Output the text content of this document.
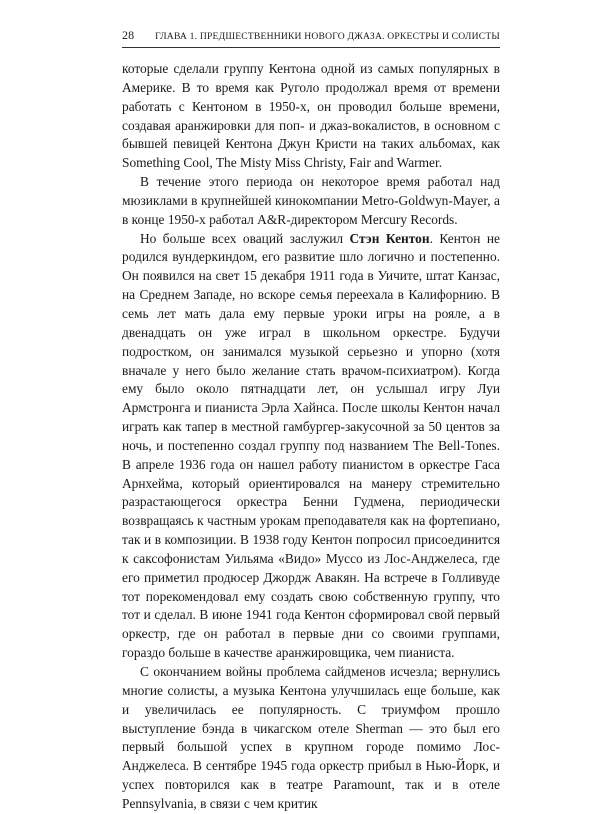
28 ГЛАВА 1. ПРЕДШЕСТВЕННИКИ НОВОГО ДЖАЗА. ОРКЕСТРЫ И СОЛИСТЫ

которые сделали группу Кентона одной из самых популярных в Америке. В то время как Руголо продолжал время от времени работать с Кентоном в 1950-х, он проводил больше времени, создавая аранжировки для поп- и джаз-вокалистов, в основном с бывшей певицей Кентона Джун Кристи на таких альбомах, как Something Cool, The Misty Miss Christy, Fair and Warmer.

В течение этого периода он некоторое время работал над мюзиклами в крупнейшей кинокомпании Metro-Goldwyn-Mayer, а в конце 1950-х работал A&R-директором Mercury Records.

Но больше всех оваций заслужил Стэн Кентон. Кентон не родился вундеркиндом, его развитие шло логично и постепенно. Он появился на свет 15 декабря 1911 года в Уичите, штат Канзас, на Среднем Западе, но вскоре семья переехала в Калифорнию. В семь лет мать дала ему первые уроки игры на рояле, а в двенадцать он уже играл в школьном оркестре. Будучи подростком, он занимался музыкой серьезно и упорно (хотя вначале у него было желание стать врачом-психиатром). Когда ему было около пятнадцати лет, он услышал игру Луи Армстронга и пианиста Эрла Хайнса. После школы Кентон начал играть как тапер в местной гамбургер-закусочной за 50 центов за ночь, и постепенно создал группу под названием The Bell-Tones. В апреле 1936 года он нашел работу пианистом в оркестре Гаса Арнхейма, который ориентировался на манеру стремительно разрастающегося оркестра Бенни Гудмена, периодически возвращаясь к частным урокам преподавателя как на фортепиано, так и в композиции. В 1938 году Кентон попросил присоединится к саксофонистам Уильяма «Видо» Муссо из Лос-Анджелеса, где его приметил продюсер Джордж Авакян. На встрече в Голливуде тот порекомендовал ему создать свою собственную группу, что тот и сделал. В июне 1941 года Кентон сформировал свой первый оркестр, где он работал в первые дни со своими группами, гораздо больше в качестве аранжировщика, чем пианиста.

С окончанием войны проблема сайдменов исчезла; вернулись многие солисты, а музыка Кентона улучшилась еще больше, как и увеличилась ее популярность. С триумфом прошло выступление бэнда в чикагском отеле Sherman — это был его первый большой успех в крупном городе помимо Лос-Анджелеса. В сентябре 1945 года оркестр прибыл в Нью-Йорк, и успех повторился как в театре Paramount, так и в отеле Pennsylvania, в связи с чем критик
